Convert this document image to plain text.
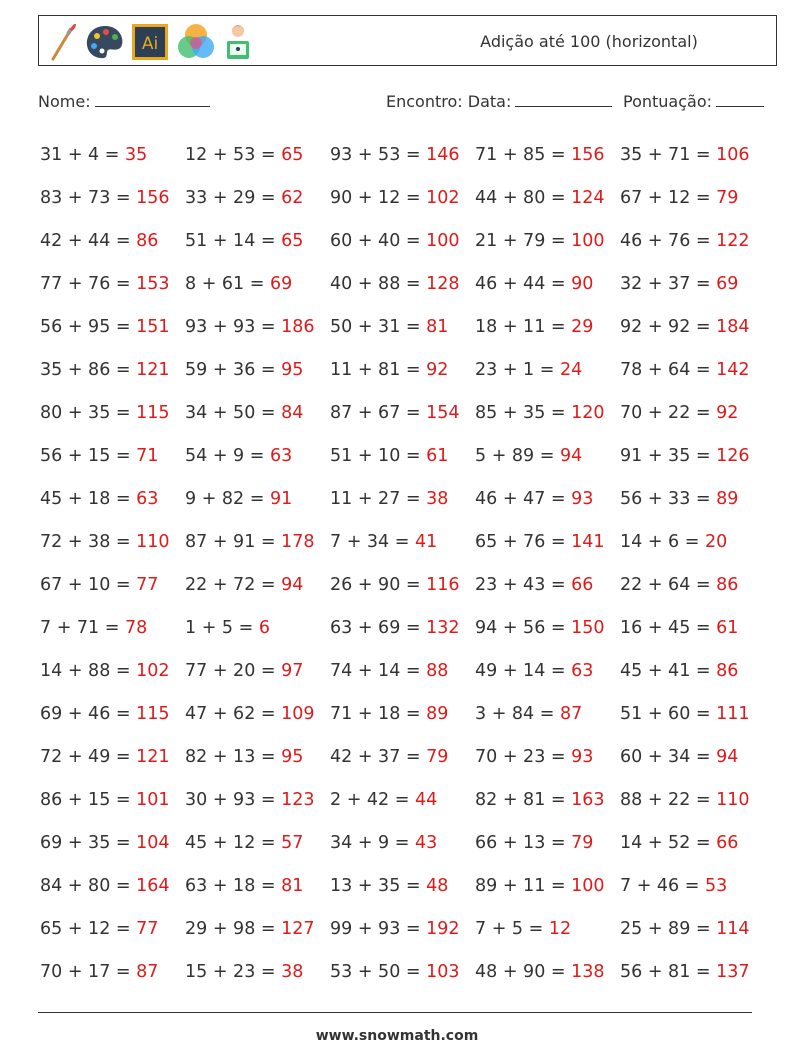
Ai	Adição até 100 (horizontal)
Nome:	Encontro: Data:	Pontuação:
31 + 4 = 35 12 + 53 = 65 93 + 53 = 146 71 + 85 = 156 35 + 71 = 106
83 + 73 = 156 33 + 29 = 62 90 + 12 = 102 44 + 80 = 124 67 + 12 = 79
42 + 44 = 86 51 + 14 = 65 60 + 40 = 100 21 + 79 = 100 46 + 76 = 122
77 + 76 = 153 8 + 61 = 69 40 + 88 = 128 46 + 44 = 90 32 + 37 = 69
56 + 95 = 151 93 + 93 = 186 50 + 31 = 81 18 + 11 = 29 92 + 92 = 184
35 + 86 = 121 59 + 36 = 95 11 + 81 = 92 23 + 1 = 24 78 + 64 = 142
80 + 35 = 115 34 + 50 = 84 87 + 67 = 154 85 + 35 = 120 70 + 22 = 92
56 + 15 = 71 54 + 9 = 63 51 + 10 = 61 5 + 89 = 94 91 + 35 = 126
45 + 18 = 63 9 + 82 = 91 11 + 27 = 38 46 + 47 = 93 56 + 33 = 89
72 + 38 = 110 87 + 91 = 178 7 + 34 = 41 65 + 76 = 141 14 + 6 = 20
67 + 10 = 77 22 + 72 = 94 26 + 90 = 116 23 + 43 = 66 22 + 64 = 86
7 + 71 = 78 1 + 5 = 6	63 + 69 = 132 94 + 56 = 150 16 + 45 = 61
14 + 88 = 102 77 + 20 = 97 74 + 14 = 88 49 + 14 = 63 45 + 41 = 86
69 + 46 = 115 47 + 62 = 109 71 + 18 = 89 3 + 84 = 87 51 + 60 = 111
72 + 49 = 121 82 + 13 = 95 42 + 37 = 79 70 + 23 = 93 60 + 34 = 94
86 + 15 = 101 30 + 93 = 123 2 + 42 = 44 82 + 81 = 163 88 + 22 = 110
69 + 35 = 104 45 + 12 = 57 34 + 9 = 43 66 + 13 = 79 14 + 52 = 66
84 + 80 = 164 63 + 18 = 81 13 + 35 = 48 89 + 11 = 100 7 + 46 = 53
65 + 12 = 77 29 + 98 = 127 99 + 93 = 192 7 + 5 = 12	25 + 89 = 114
70 + 17 = 87 15 + 23 = 38 53 + 50 = 103 48 + 90 = 138 56 + 81 = 137
www.snowmath.com
